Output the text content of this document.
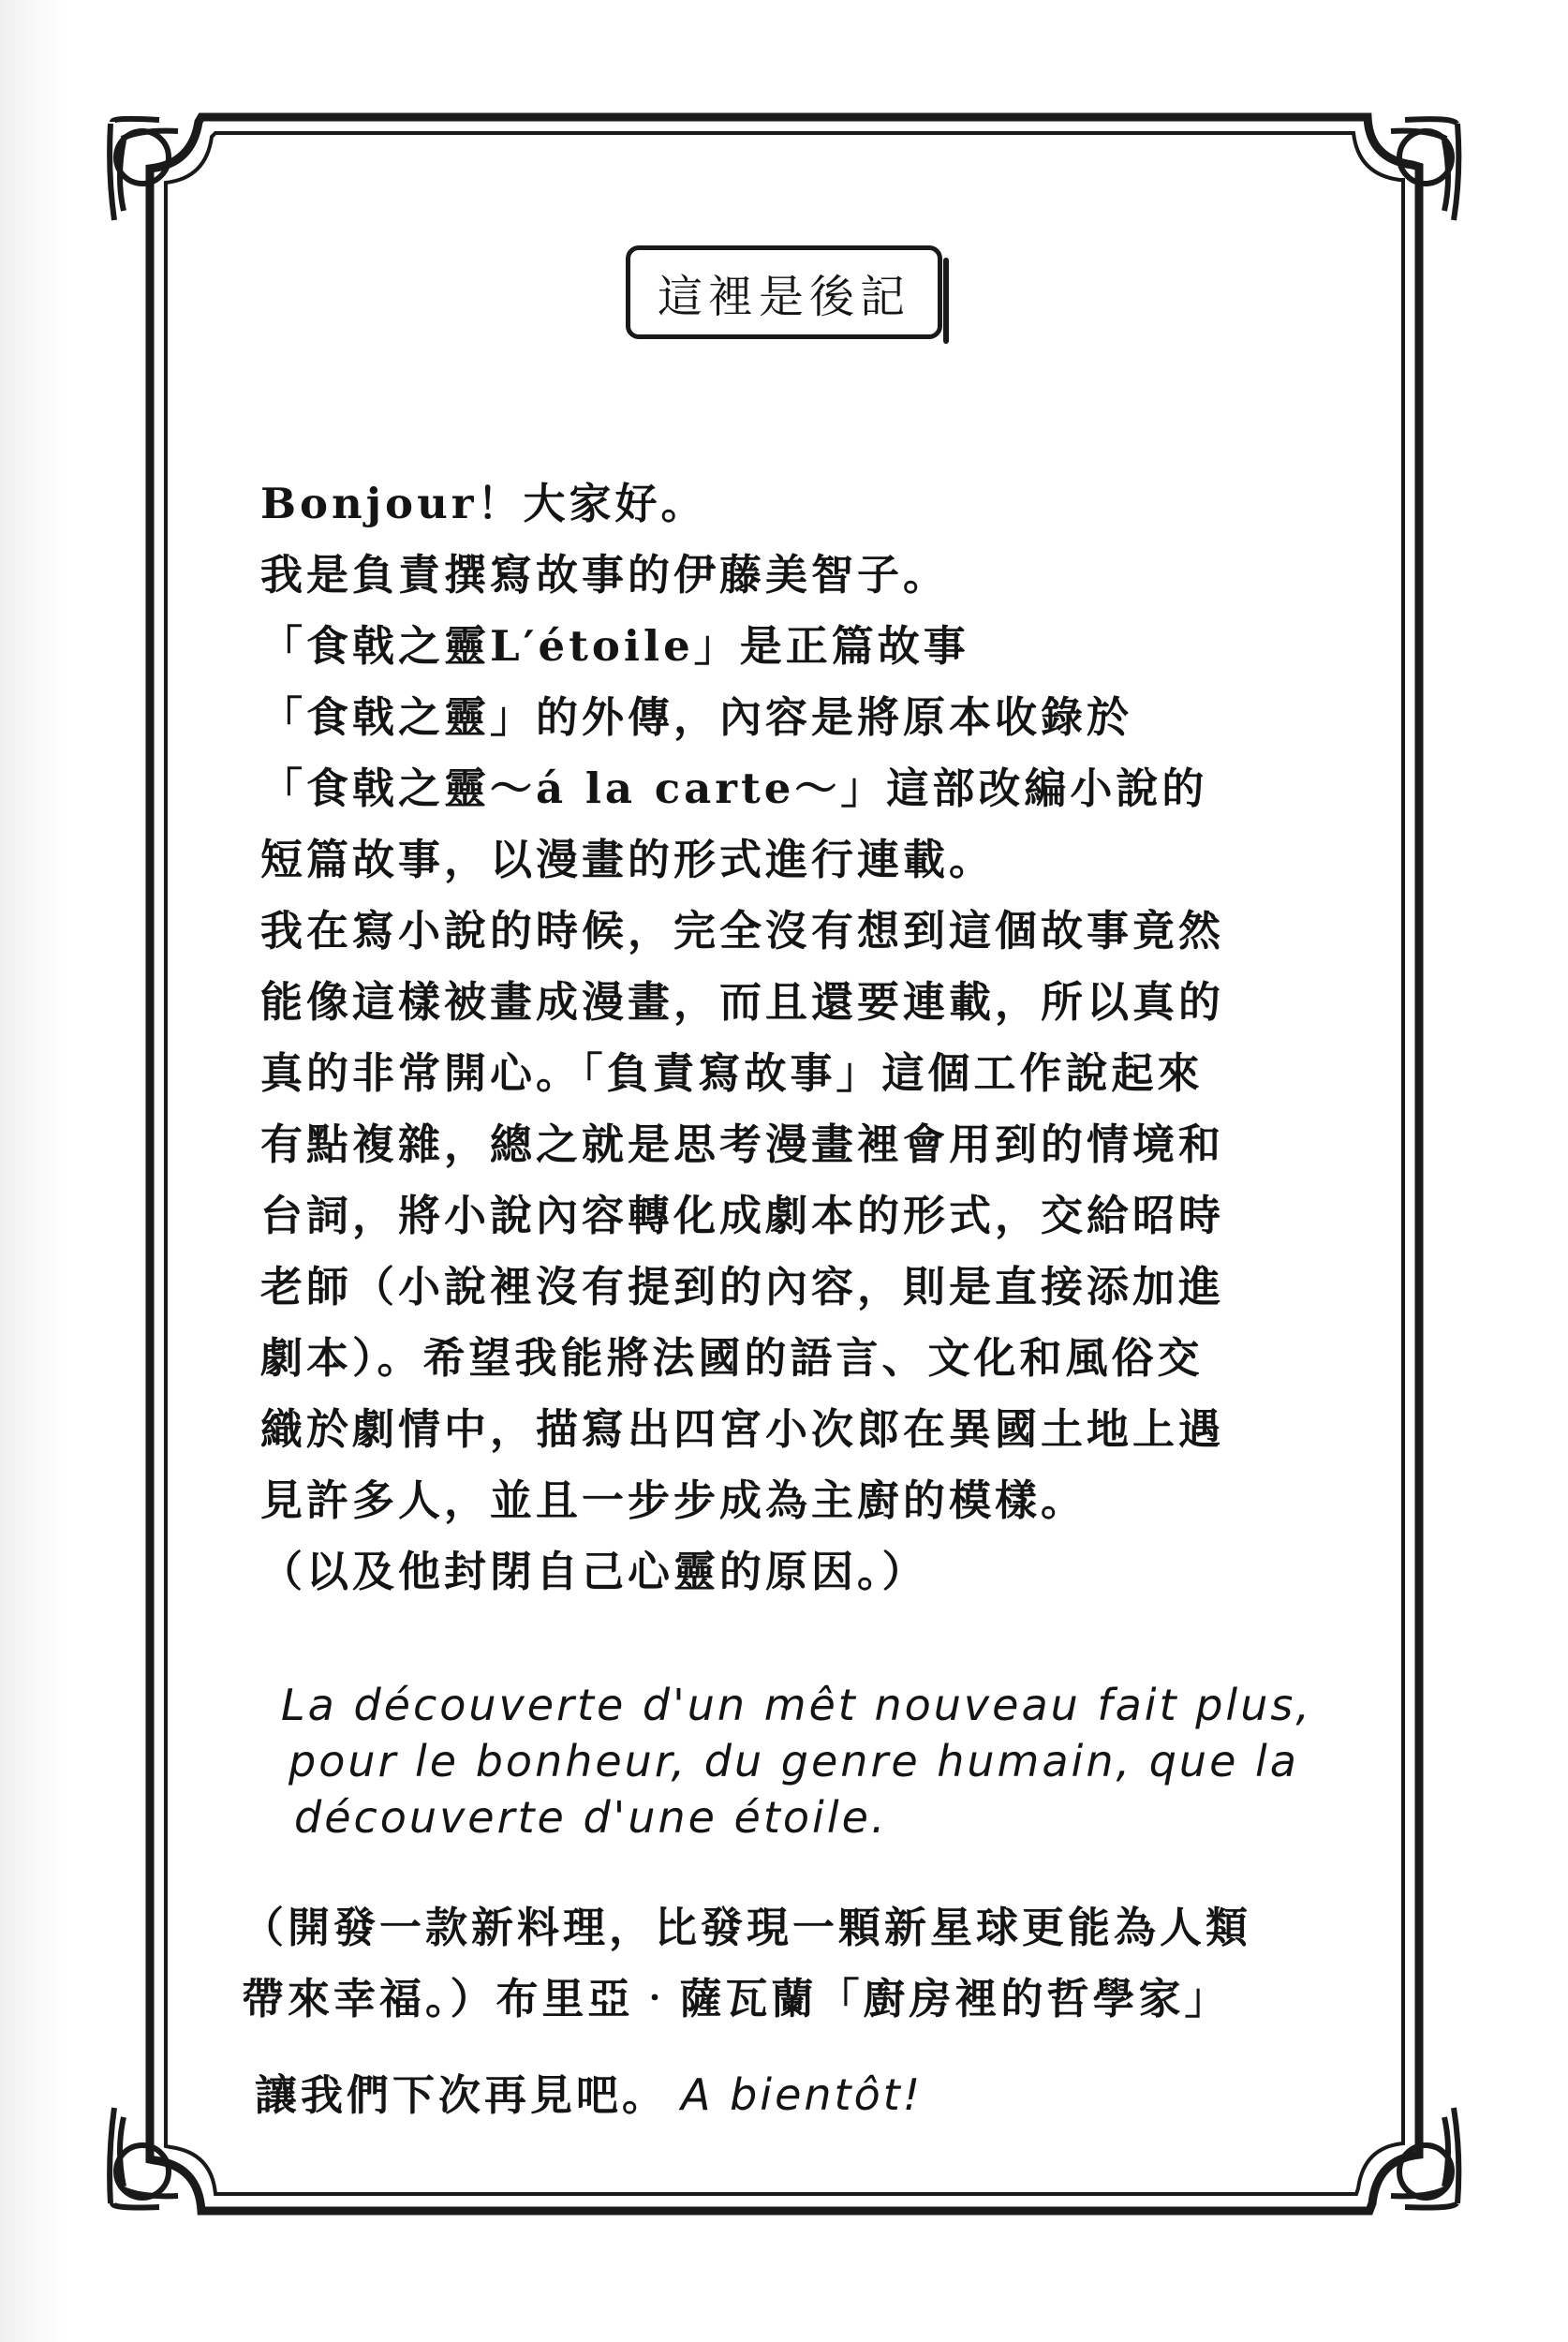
這裡是後記
Bonjour！大家好。
我是負責撰寫故事的伊藤美智子。
「食戟之靈L′étoile」是正篇故事
「食戟之靈」的外傳，內容是將原本收錄於
「食戟之靈～á la carte～」這部改編小說的
短篇故事，以漫畫的形式進行連載。
我在寫小說的時候，完全沒有想到這個故事竟然
能像這樣被畫成漫畫，而且還要連載，所以真的
真的非常開心。「負責寫故事」這個工作說起來
有點複雜，總之就是思考漫畫裡會用到的情境和
台詞，將小說內容轉化成劇本的形式，交給昭時
老師（小說裡沒有提到的內容，則是直接添加進
劇本）。希望我能將法國的語言、文化和風俗交
織於劇情中，描寫出四宮小次郎在異國土地上遇
見許多人，並且一步步成為主廚的模樣。
（以及他封閉自己心靈的原因。）
La découverte d'un mêt nouveau fait plus,
pour le bonheur, du genre humain, que la
découverte d'une étoile.
（開發一款新料理，比發現一顆新星球更能為人類
帶來幸福。）布里亞‧薩瓦蘭「廚房裡的哲學家」
讓我們下次再見吧。 A bientôt!
